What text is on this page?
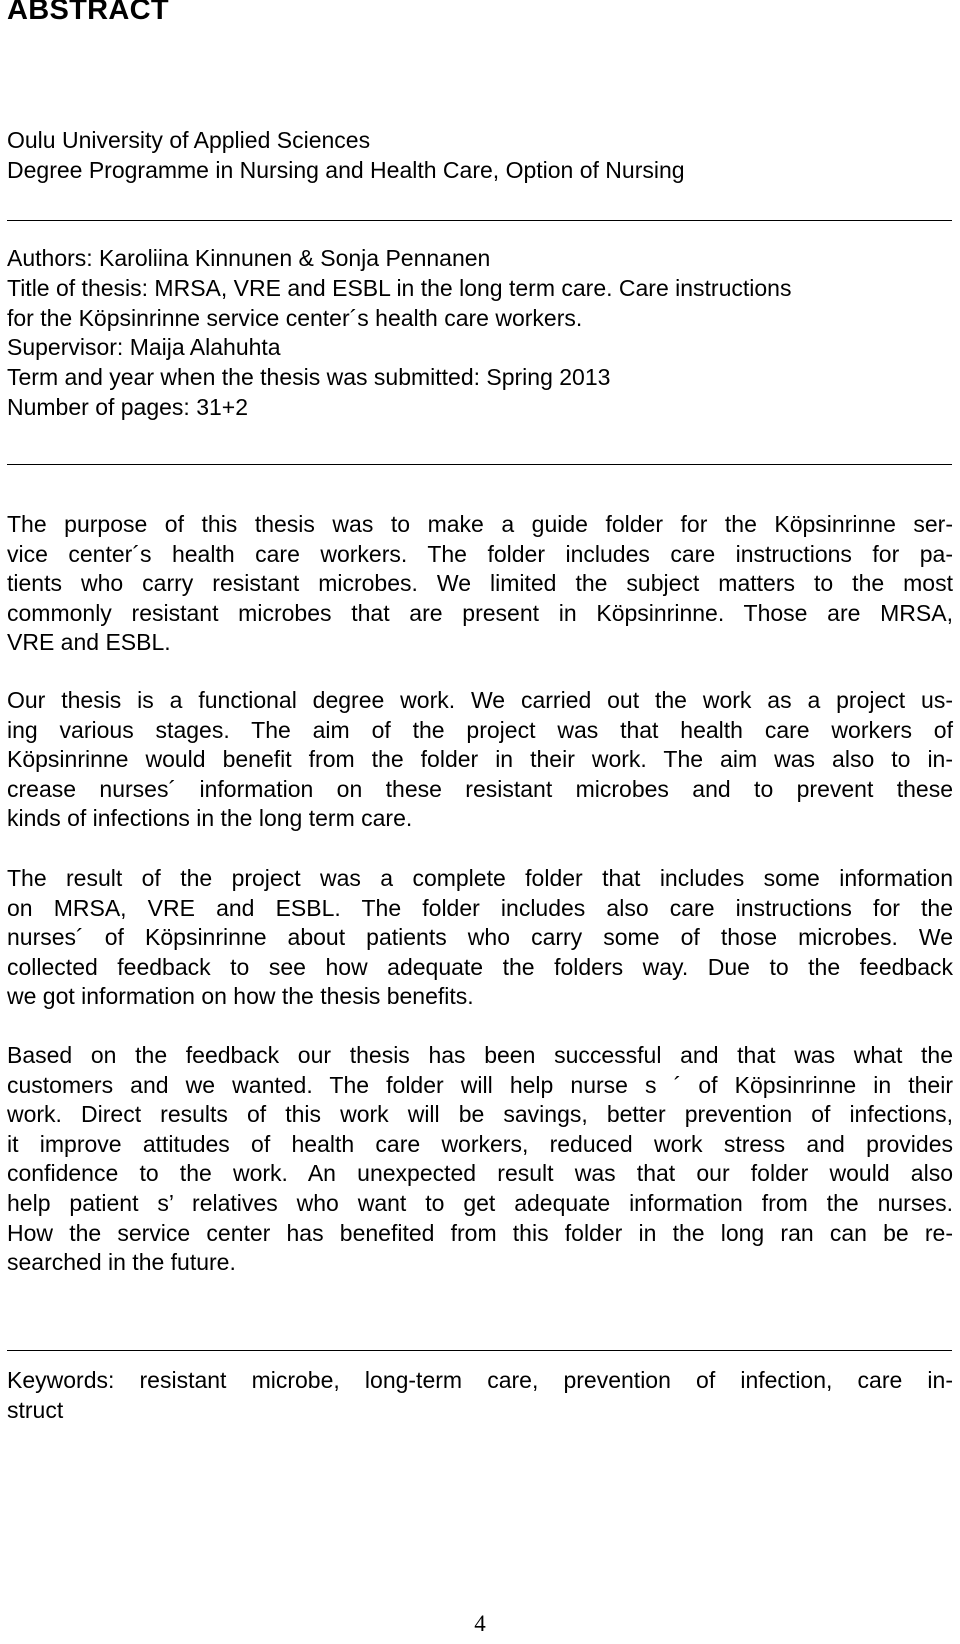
ABSTRACT
Oulu University of Applied Sciences
Degree Programme in Nursing and Health Care, Option of Nursing
Authors: Karoliina Kinnunen & Sonja Pennanen
Title of thesis: MRSA, VRE and ESBL in the long term care. Care instructions
for the Köpsinrinne service center´s health care workers.
Supervisor: Maija Alahuhta
Term and year when the thesis was submitted: Spring 2013
Number of pages: 31+2
The purpose of this thesis was to make a guide folder for the Köpsinrinne ser-
vice center´s health care workers. The folder includes care instructions for pa-
tients who carry resistant microbes. We limited the subject matters to the most
commonly resistant microbes that are present in Köpsinrinne. Those are MRSA,
VRE and ESBL.
Our thesis is a functional degree work. We carried out the work as a project us-
ing various stages. The aim of the project was that health care workers of
Köpsinrinne would benefit from the folder in their work. The aim was also to in-
crease nurses´ information on these resistant microbes and to prevent these
kinds of infections in the long term care.
The result of the project was a complete folder that includes some information
on MRSA, VRE and ESBL. The folder includes also care instructions for the
nurses´ of Köpsinrinne about patients who carry some of those microbes. We
collected feedback to see how adequate the folders way. Due to the feedback
we got information on how the thesis benefits.
Based on the feedback our thesis has been successful and that was what the
customers and we wanted. The folder will help nurse s ´ of Köpsinrinne in their
work. Direct results of this work will be savings, better prevention of infections,
it improve attitudes of health care workers, reduced work stress and provides
confidence to the work. An unexpected result was that our folder would also
help patient s’ relatives who want to get adequate information from the nurses.
How the service center has benefited from this folder in the long ran can be re-
searched in the future.
Keywords: resistant microbe, long-term care, prevention of infection, care in-
struct
4
